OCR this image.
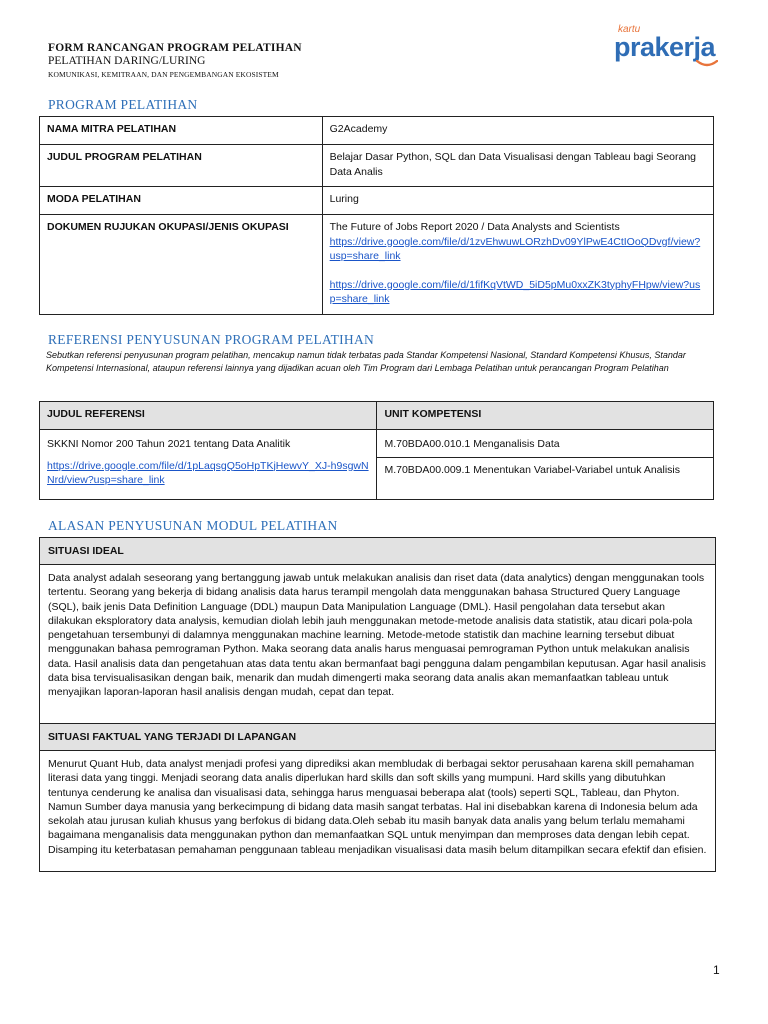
FORM RANCANGAN PROGRAM PELATIHAN
PELATIHAN DARING/LURING
KOMUNIKASI, KEMITRAAN, DAN PENGEMBANGAN EKOSISTEM
kartu
prakerja
PROGRAM PELATIHAN
NAMA MITRA PELATIHAN	G2Academy
JUDUL PROGRAM PELATIHAN	Belajar Dasar Python, SQL dan Data Visualisasi dengan Tableau bagi Seorang Data Analis
MODA PELATIHAN	Luring
DOKUMEN RUJUKAN OKUPASI/JENIS OKUPASI	The Future of Jobs Report 2020 / Data Analysts and Scientists
https://drive.google.com/file/d/1zvEhwuwLORzhDv09YlPwE4CtIOoQDvgf/view?usp=share_link
https://drive.google.com/file/d/1fifKqVtWD_5iD5pMu0xxZK3typhyFHpw/view?usp=share_link
REFERENSI PENYUSUNAN PROGRAM PELATIHAN
Sebutkan referensi penyusunan program pelatihan, mencakup namun tidak terbatas pada Standar Kompetensi Nasional, Standard Kompetensi Khusus, Standar Kompetensi Internasional, ataupun referensi lainnya yang dijadikan acuan oleh Tim Program dari Lembaga Pelatihan untuk perancangan Program Pelatihan
JUDUL REFERENSI	UNIT KOMPETENSI

SKKNI Nomor 200 Tahun 2021 tentang Data Analitik
https://drive.google.com/file/d/1pLaqsgQ5oHpTKjHewvY_XJ-h9sgwNNrd/view?usp=share_link	M.70BDA00.010.1 Menganalisis Data
	M.70BDA00.009.1 Menentukan Variabel-Variabel untuk Analisis
ALASAN PENYUSUNAN MODUL PELATIHAN
SITUASI IDEAL
Data analyst adalah seseorang yang bertanggung jawab untuk melakukan analisis dan riset data (data analytics) dengan menggunakan tools tertentu. Seorang yang bekerja di bidang analisis data harus terampil mengolah data menggunakan bahasa Structured Query Language (SQL), baik jenis Data Definition Language (DDL) maupun Data Manipulation Language (DML). Hasil pengolahan data tersebut akan dilakukan eksploratory data analysis, kemudian diolah lebih jauh menggunakan metode-metode analisis data statistik, atau dicari pola-pola pengetahuan tersembunyi di dalamnya menggunakan machine learning. Metode-metode statistik dan machine learning tersebut dibuat menggunakan bahasa pemrograman Python. Maka seorang data analis harus menguasai pemrograman Python untuk melakukan analisis data. Hasil analisis data dan pengetahuan atas data tentu akan bermanfaat bagi pengguna dalam pengambilan keputusan. Agar hasil analisis data bisa tervisualisasikan dengan baik, menarik dan mudah dimengerti maka seorang data analis akan memanfaatkan tableau untuk menyajikan laporan-laporan hasil analisis dengan mudah, cepat dan tepat.
SITUASI FAKTUAL YANG TERJADI DI LAPANGAN
Menurut Quant Hub, data analyst menjadi profesi yang diprediksi akan membludak di berbagai sektor perusahaan karena skill pemahaman literasi data yang tinggi. Menjadi seorang data analis diperlukan hard skills dan soft skills yang mumpuni. Hard skills yang dibutuhkan tentunya cenderung ke analisa dan visualisasi data, sehingga harus menguasai beberapa alat (tools) seperti SQL, Tableau, dan Phyton. Namun Sumber daya manusia yang berkecimpung di bidang data masih sangat terbatas. Hal ini disebabkan karena di Indonesia belum ada sekolah atau jurusan kuliah khusus yang berfokus di bidang data.Oleh sebab itu masih banyak data analis yang belum terlalu memahami bagaimana menganalisis data menggunakan python dan memanfaatkan SQL untuk menyimpan dan memproses data dengan lebih cepat. Disamping itu keterbatasan pemahaman penggunaan tableau menjadikan visualisasi data masih belum ditampilkan secara efektif dan efisien.
1
